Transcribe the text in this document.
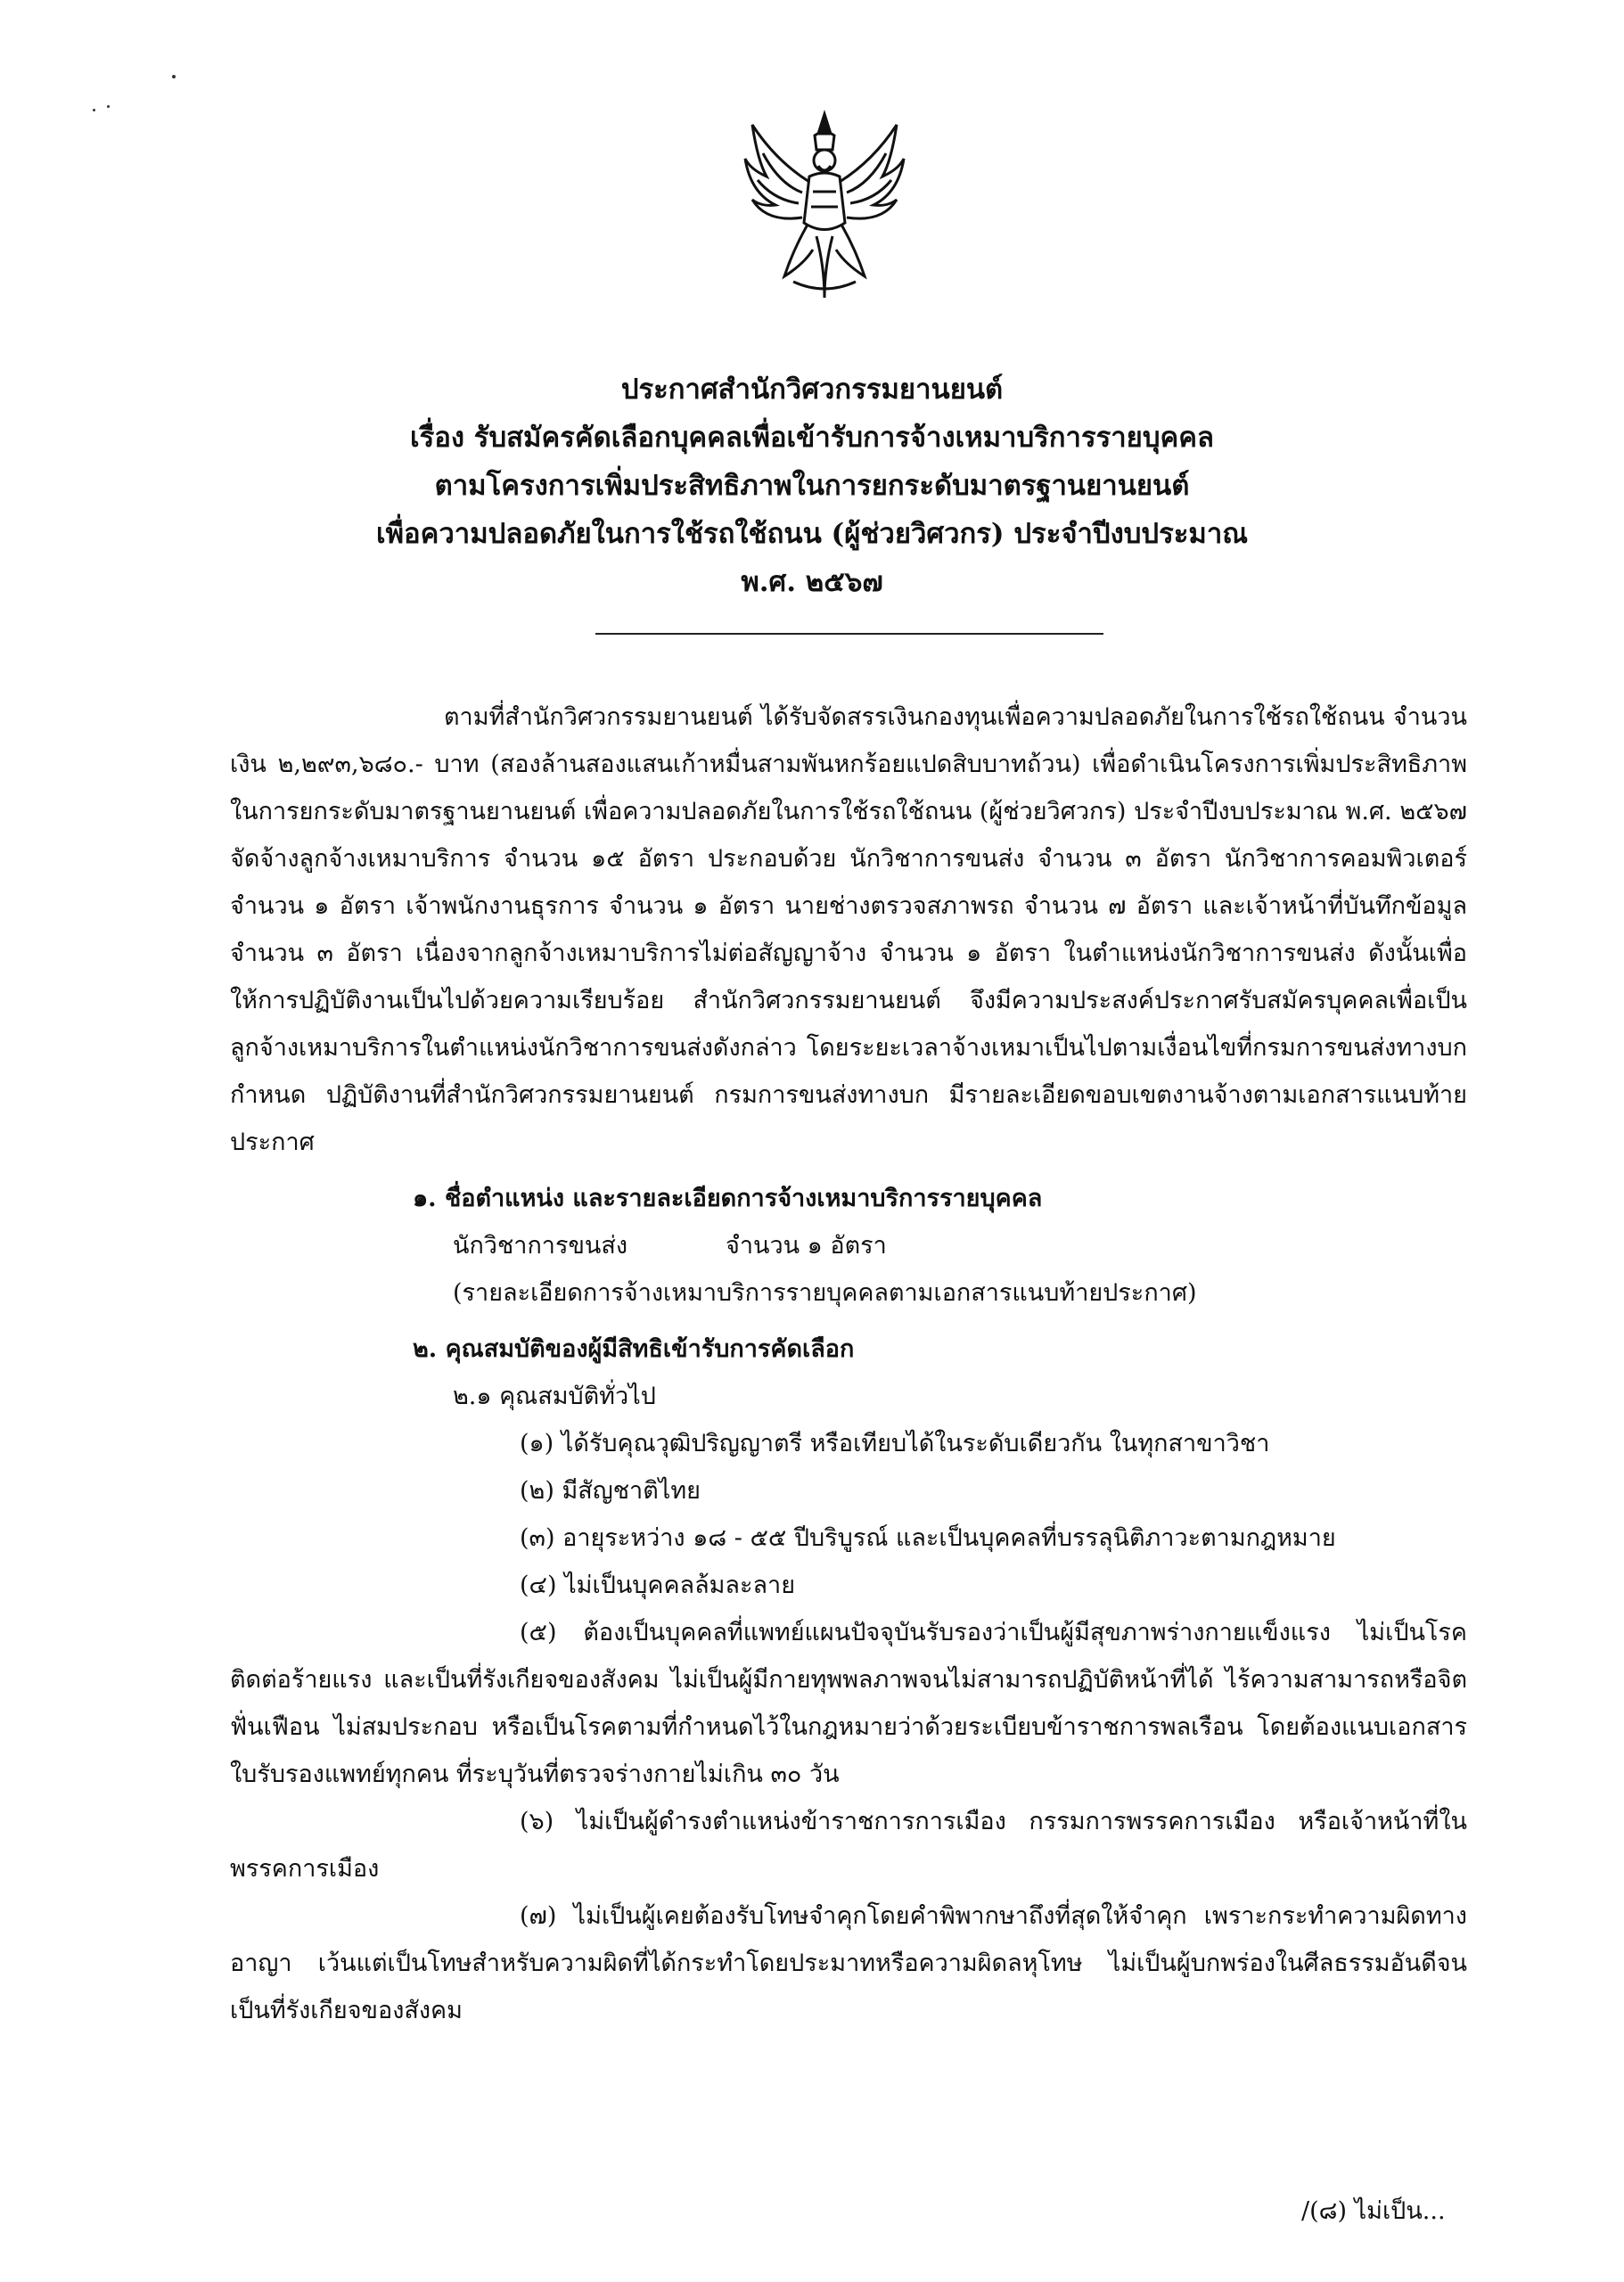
ประกาศสำนักวิศวกรรมยานยนต์
เรื่อง รับสมัครคัดเลือกบุคคลเพื่อเข้ารับการจ้างเหมาบริการรายบุคคล
ตามโครงการเพิ่มประสิทธิภาพในการยกระดับมาตรฐานยานยนต์
เพื่อความปลอดภัยในการใช้รถใช้ถนน (ผู้ช่วยวิศวกร) ประจำปีงบประมาณ
พ.ศ. ๒๕๖๗

ตามที่สำนักวิศวกรรมยานยนต์ ได้รับจัดสรรเงินกองทุนเพื่อความปลอดภัยในการใช้รถใช้ถนน จำนวนเงิน ๒,๒๙๓,๖๘๐.- บาท (สองล้านสองแสนเก้าหมื่นสามพันหกร้อยแปดสิบบาทถ้วน) เพื่อดำเนินโครงการเพิ่มประสิทธิภาพในการยกระดับมาตรฐานยานยนต์ เพื่อความปลอดภัยในการใช้รถใช้ถนน (ผู้ช่วยวิศวกร) ประจำปีงบประมาณ พ.ศ. ๒๕๖๗ จัดจ้างลูกจ้างเหมาบริการ จำนวน ๑๕ อัตรา ประกอบด้วย นักวิชาการขนส่ง จำนวน ๓ อัตรา นักวิชาการคอมพิวเตอร์ จำนวน ๑ อัตรา เจ้าพนักงานธุรการ จำนวน ๑ อัตรา นายช่างตรวจสภาพรถ จำนวน ๗ อัตรา และเจ้าหน้าที่บันทึกข้อมูล จำนวน ๓ อัตรา เนื่องจากลูกจ้างเหมาบริการไม่ต่อสัญญาจ้าง จำนวน ๑ อัตรา ในตำแหน่งนักวิชาการขนส่ง ดังนั้นเพื่อให้การปฏิบัติงานเป็นไปด้วยความเรียบร้อย สำนักวิศวกรรมยานยนต์ จึงมีความประสงค์ประกาศรับสมัครบุคคลเพื่อเป็นลูกจ้างเหมาบริการในตำแหน่งนักวิชาการขนส่งดังกล่าว โดยระยะเวลาจ้างเหมาเป็นไปตามเงื่อนไขที่กรมการขนส่งทางบกกำหนด ปฏิบัติงานที่สำนักวิศวกรรมยานยนต์ กรมการขนส่งทางบก มีรายละเอียดขอบเขตงานจ้างตามเอกสารแนบท้ายประกาศ

๑. ชื่อตำแหน่ง และรายละเอียดการจ้างเหมาบริการรายบุคคล
นักวิชาการขนส่ง	จำนวน ๑ อัตรา
(รายละเอียดการจ้างเหมาบริการรายบุคคลตามเอกสารแนบท้ายประกาศ)
๒. คุณสมบัติของผู้มีสิทธิเข้ารับการคัดเลือก
๒.๑ คุณสมบัติทั่วไป
(๑) ได้รับคุณวุฒิปริญญาตรี หรือเทียบได้ในระดับเดียวกัน ในทุกสาขาวิชา
(๒) มีสัญชาติไทย
(๓) อายุระหว่าง ๑๘ - ๕๕ ปีบริบูรณ์ และเป็นบุคคลที่บรรลุนิติภาวะตามกฎหมาย
(๔) ไม่เป็นบุคคลล้มละลาย

(๕) ต้องเป็นบุคคลที่แพทย์แผนปัจจุบันรับรองว่าเป็นผู้มีสุขภาพร่างกายแข็งแรง ไม่เป็นโรคติดต่อร้ายแรง และเป็นที่รังเกียจของสังคม ไม่เป็นผู้มีกายทุพพลภาพจนไม่สามารถปฏิบัติหน้าที่ได้ ไร้ความสามารถหรือจิตฟั่นเฟือน ไม่สมประกอบ หรือเป็นโรคตามที่กำหนดไว้ในกฎหมายว่าด้วยระเบียบข้าราชการพลเรือน โดยต้องแนบเอกสารใบรับรองแพทย์ทุกคน ที่ระบุวันที่ตรวจร่างกายไม่เกิน ๓๐ วัน

(๖) ไม่เป็นผู้ดำรงตำแหน่งข้าราชการการเมือง กรรมการพรรคการเมือง หรือเจ้าหน้าที่ในพรรคการเมือง

(๗) ไม่เป็นผู้เคยต้องรับโทษจำคุกโดยคำพิพากษาถึงที่สุดให้จำคุก เพราะกระทำความผิดทางอาญา เว้นแต่เป็นโทษสำหรับความผิดที่ได้กระทำโดยประมาทหรือความผิดลหุโทษ ไม่เป็นผู้บกพร่องในศีลธรรมอันดีจนเป็นที่รังเกียจของสังคม

/(๘) ไม่เป็น...
